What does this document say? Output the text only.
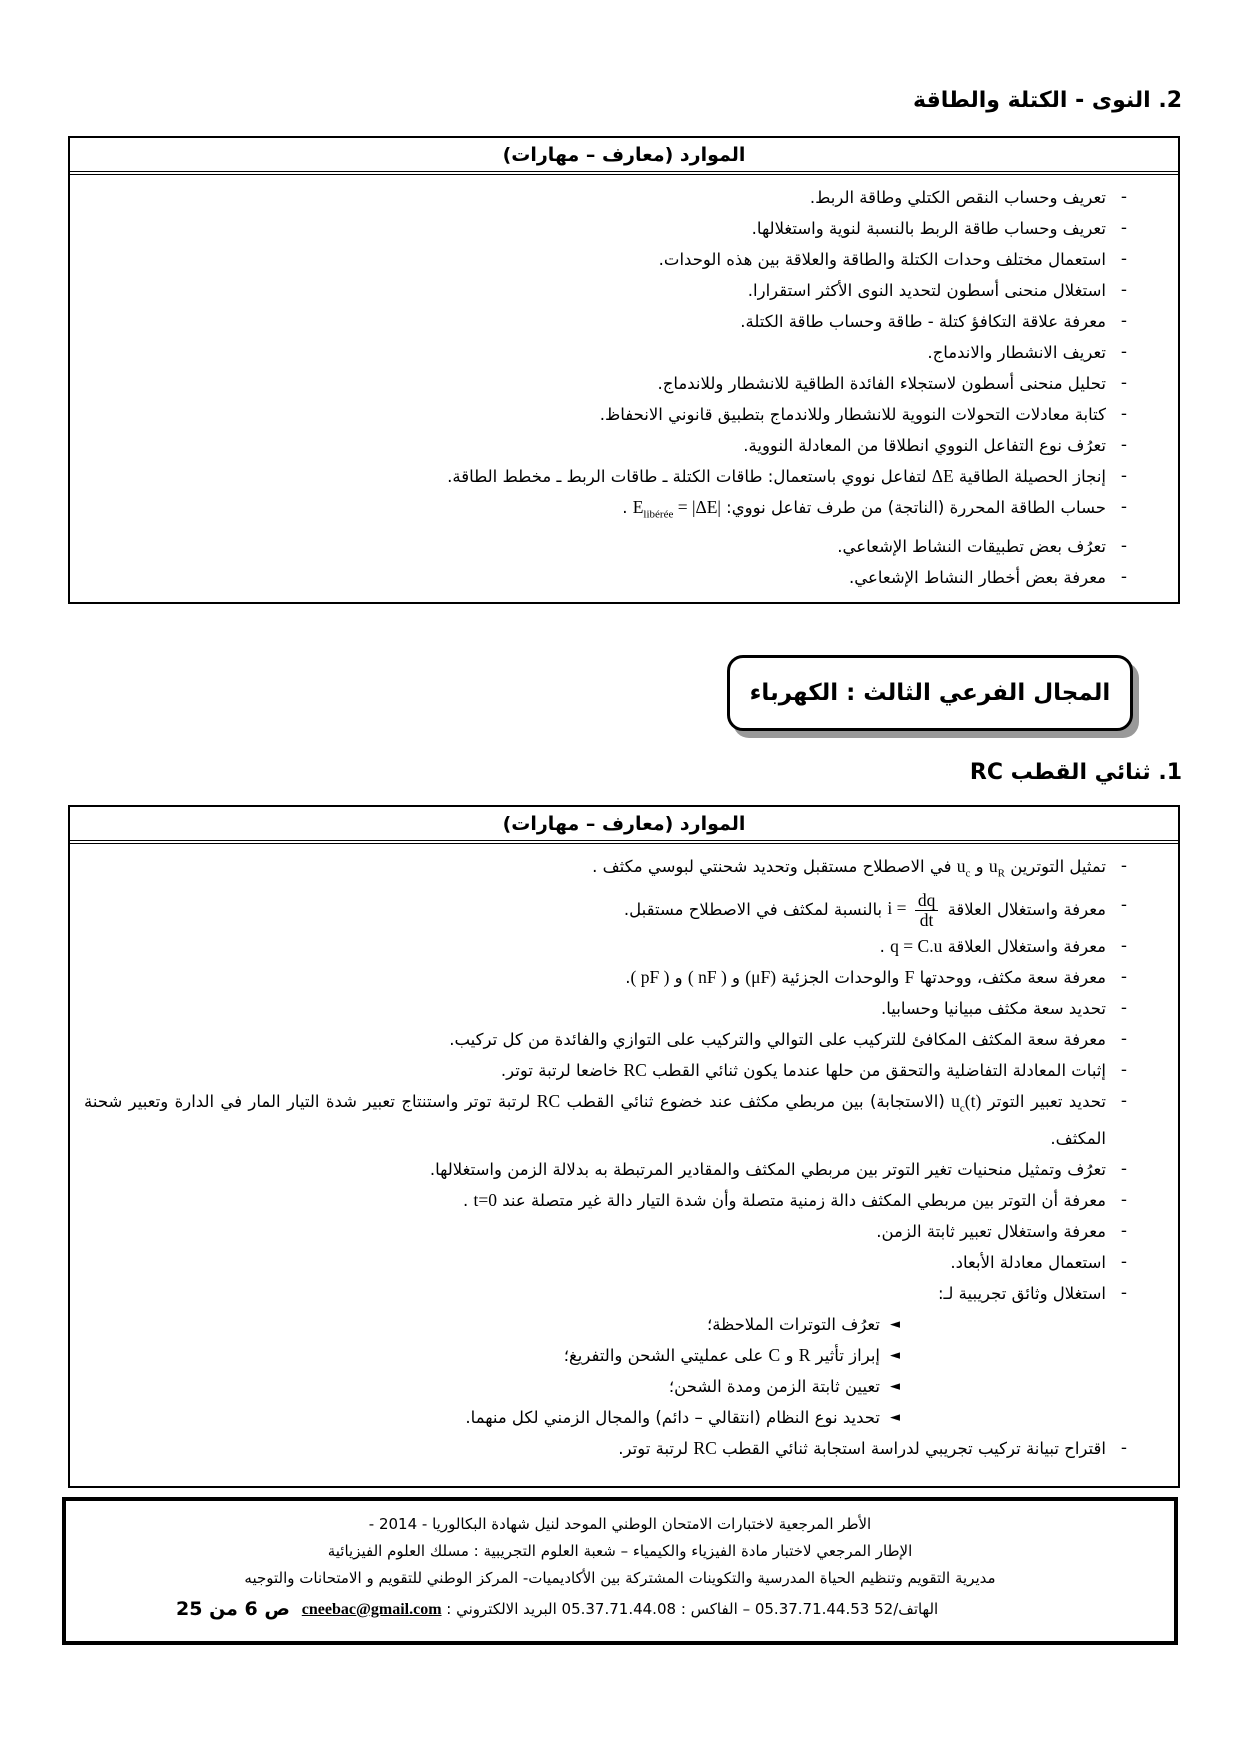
2. النوى - الكتلة والطاقة
الموارد (معارف – مهارات)
-
تعريف وحساب النقص الكتلي وطاقة الربط.
-
تعريف وحساب طاقة الربط بالنسبة لنوية واستغلالها.
-
استعمال مختلف وحدات الكتلة والطاقة والعلاقة بين هذه الوحدات.
-
استغلال منحنى أسطون لتحديد النوى الأكثر استقرارا.
-
معرفة علاقة التكافؤ كتلة - طاقة وحساب طاقة الكتلة.
-
تعريف الانشطار والاندماج.
-
تحليل منحنى أسطون لاستجلاء الفائدة الطاقية للانشطار وللاندماج.
-
كتابة معادلات التحولات النووية للانشطار وللاندماج بتطبيق قانوني الانحفاظ.
-
تعرُف نوع التفاعل النووي انطلاقا من المعادلة النووية.
-
إنجاز الحصيلة الطاقية ΔE لتفاعل نووي باستعمال: طاقات الكتلة ـ طاقات الربط ـ مخطط الطاقة.
-
حساب الطاقة المحررة (الناتجة) من طرف تفاعل نووي: $E_{libérée} = |\Delta E|$ .
-
تعرُف بعض تطبيقات النشاط الإشعاعي.
-
معرفة بعض أخطار النشاط الإشعاعي.
المجال الفرعي الثالث : الكهرباء
1. ثنائي القطب RC
الموارد (معارف – مهارات)
-
تمثيل التوترين $u_R$ و $u_c$ في الاصطلاح مستقبل وتحديد شحنتي لبوسي مكثف .
-
معرفة واستغلال العلاقة $i = \frac{dq}{dt}$
بالنسبة لمكثف في الاصطلاح مستقبل.
-
معرفة واستغلال العلاقة q = C.u .
-
معرفة سعة مكثف، ووحدتها F والوحدات الجزئية (μF) و ( nF ) و ( pF ).
-
تحديد سعة مكثف مبيانيا وحسابيا.
-
معرفة سعة المكثف المكافئ للتركيب على التوالي والتركيب على التوازي والفائدة من كل تركيب.
-
إثبات المعادلة التفاضلية والتحقق من حلها عندما يكون ثنائي القطب RC خاضعا لرتبة توتر.
-
تحديد تعبير التوتر $u_c(t)$ (الاستجابة) بين مربطي مكثف عند خضوع ثنائي القطب RC لرتبة توتر واستنتاج تعبير شدة التيار المار في الدارة وتعبير شحنة المكثف.
-
تعرُف وتمثيل منحنيات تغير التوتر بين مربطي المكثف والمقادير المرتبطة به بدلالة الزمن واستغلالها.
-
معرفة أن التوتر بين مربطي المكثف دالة زمنية متصلة وأن شدة التيار دالة غير متصلة عند t=0 .
-
معرفة واستغلال تعبير ثابتة الزمن.
-
استعمال معادلة الأبعاد.
-
استغلال وثائق تجريبية لـ:
◄
تعرُف التوترات الملاحظة؛
◄
إبراز تأثير R و C على عمليتي الشحن والتفريغ؛
◄
تعيين ثابتة الزمن ومدة الشحن؛
◄
تحديد نوع النظام (انتقالي – دائم) والمجال الزمني لكل منهما.
-
اقتراح تبيانة تركيب تجريبي لدراسة استجابة ثنائي القطب RC لرتبة توتر.
الأطر المرجعية لاختبارات الامتحان الوطني الموحد لنيل شهادة البكالوريا - 2014 -
الإطار المرجعي لاختبار مادة الفيزياء والكيمياء – شعبة العلوم التجريبية : مسلك العلوم الفيزيائية
مديرية التقويم وتنظيم الحياة المدرسية والتكوينات المشتركة بين الأكاديميات- المركز الوطني للتقويم و الامتحانات والتوجيه
الهاتف/52 05.37.71.44.53 – الفاكس : 05.37.71.44.08 البريد الالكتروني : cneebac@gmail.com
ص 6 من 25
